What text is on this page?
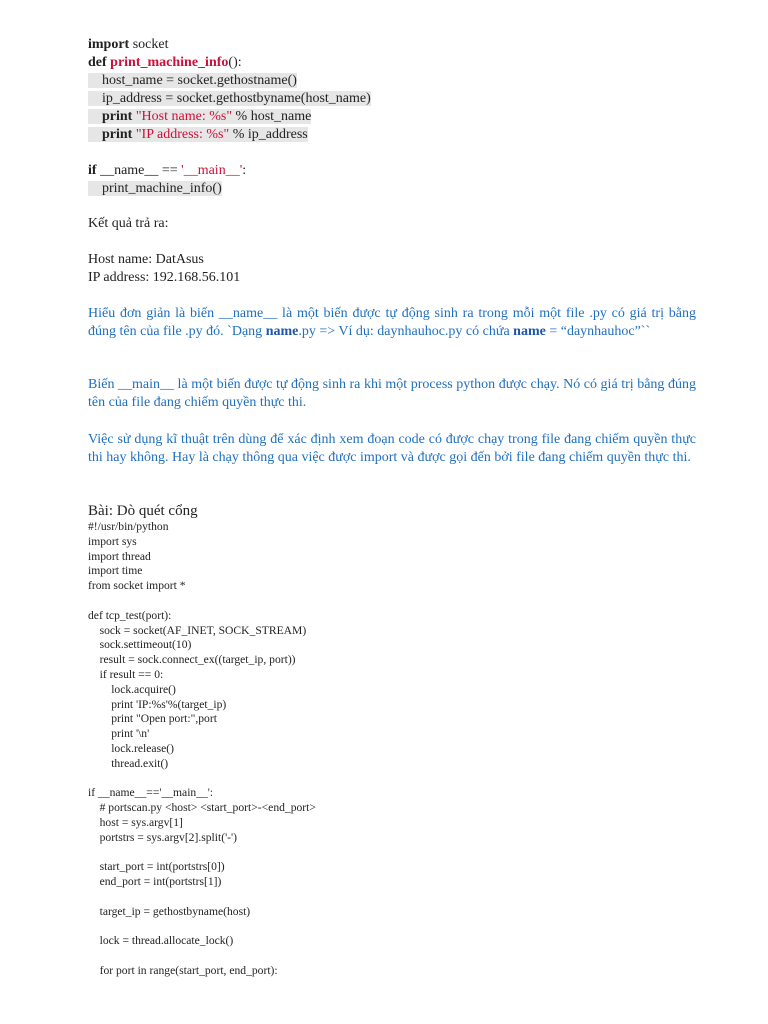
import socket
def print_machine_info():
host_name = socket.gethostname()
ip_address = socket.gethostbyname(host_name)
print "Host name: %s" % host_name
print "IP address: %s" % ip_address

if __name__ == '__main__':
print_machine_info()
Kết quả trả ra:
Host name: DatAsus
IP address: 192.168.56.101
Hiểu đơn giản là biến __name__ là một biến được tự động sinh ra trong mỗi một file .py có giá trị bằng đúng tên của file .py đó. `Dạng name.py => Ví dụ: daynhauhoc.py có chứa name = “daynhauhoc”``
Biến __main__ là một biến được tự động sinh ra khi một process python được chạy. Nó có giá trị bằng đúng tên của file đang chiếm quyền thực thi.
Việc sử dụng kĩ thuật trên dùng để xác định xem đoạn code có được chạy trong file đang chiếm quyền thực thi hay không. Hay là chạy thông qua việc được import và được gọi đến bởi file đang chiếm quyền thực thi.
Bài: Dò quét cổng
#!/usr/bin/python
import sys
import thread
import time
from socket import *
def tcp_test(port):
sock = socket(AF_INET, SOCK_STREAM)
sock.settimeout(10)
result = sock.connect_ex((target_ip, port))
if result == 0:
lock.acquire()
print 'IP:%s'%(target_ip)
print "Open port:",port
print '\n'
lock.release()
thread.exit()
if __name__=='__main__':
# portscan.py <host> <start_port>-<end_port>
host = sys.argv[1]
portstrs = sys.argv[2].split('-')
start_port = int(portstrs[0])
end_port = int(portstrs[1])
target_ip = gethostbyname(host)
lock = thread.allocate_lock()
for port in range(start_port, end_port):
